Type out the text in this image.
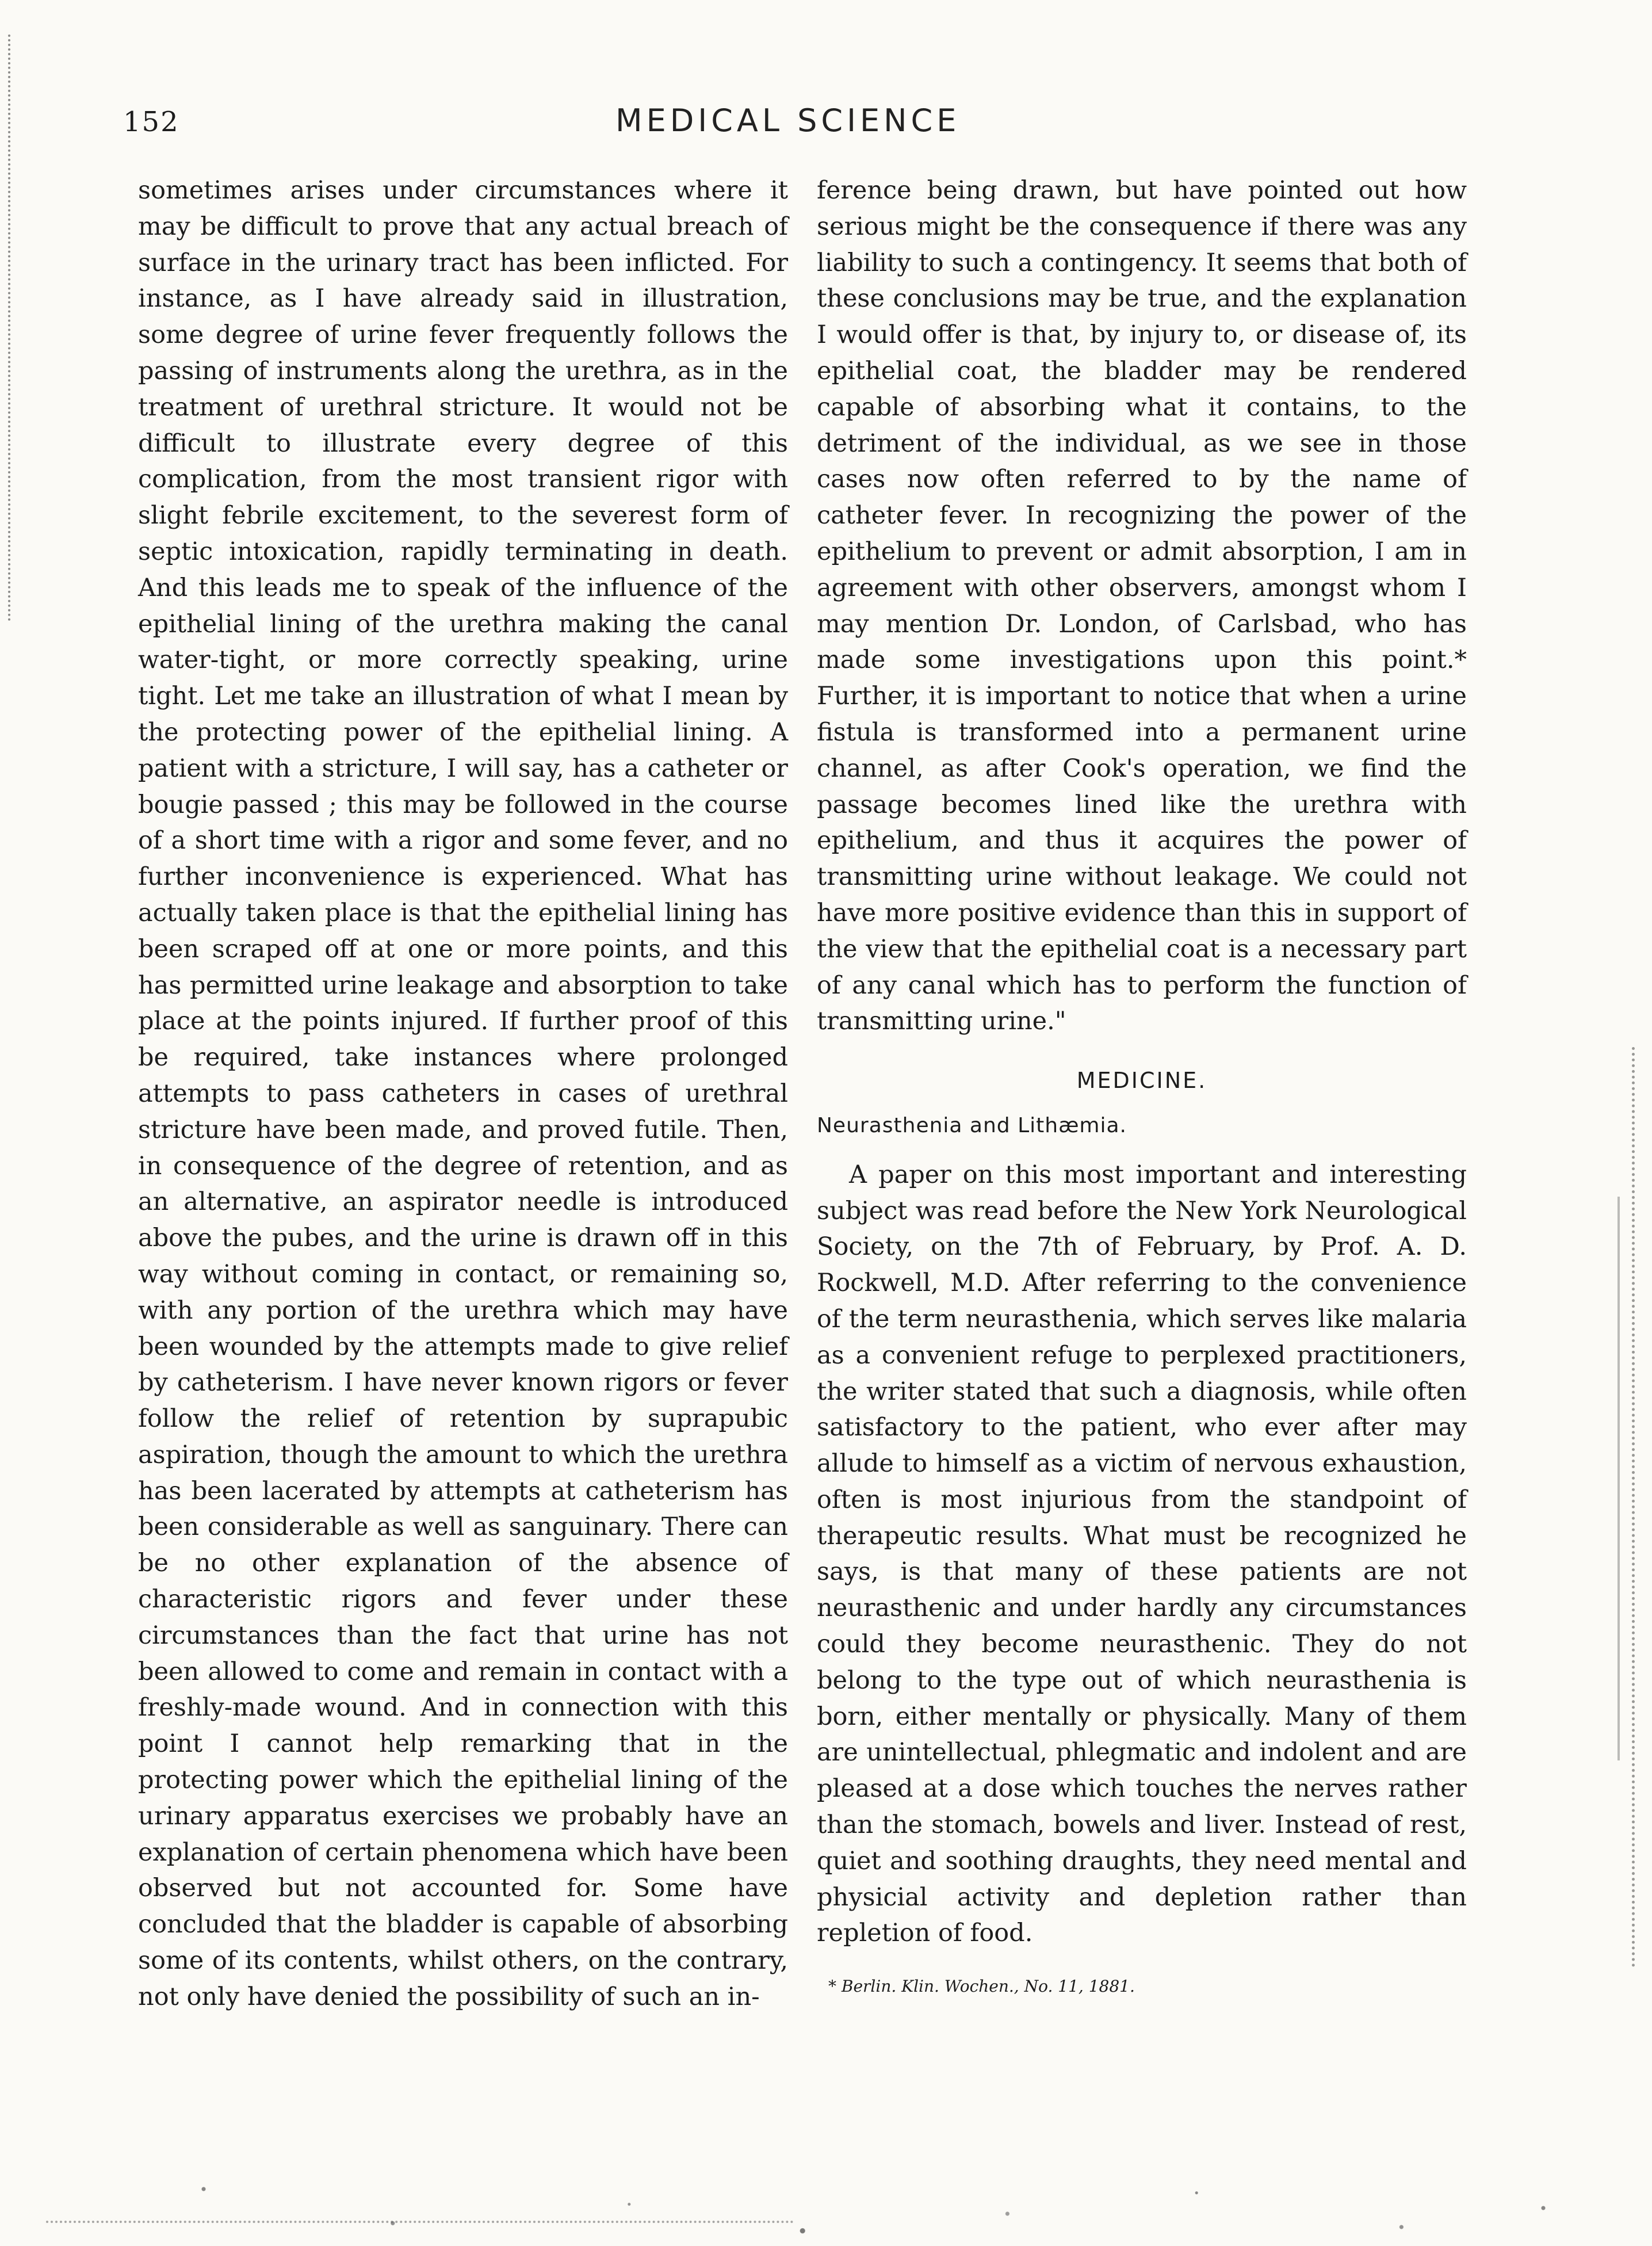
152	MEDICAL SCIENCE

sometimes arises under circumstances where it may be difficult to prove that any actual breach of surface in the urinary tract has been inflicted. For instance, as I have already said in illustration, some degree of urine fever frequently follows the passing of instruments along the urethra, as in the treatment of urethral stricture. It would not be difficult to illustrate every degree of this complication, from the most transient rigor with slight febrile excitement, to the severest form of septic intoxication, rapidly terminating in death. And this leads me to speak of the influence of the epithelial lining of the urethra making the canal water-tight, or more correctly speaking, urine tight. Let me take an illustration of what I mean by the protecting power of the epithelial lining. A patient with a stricture, I will say, has a catheter or bougie passed ; this may be followed in the course of a short time with a rigor and some fever, and no further inconvenience is experienced. What has actually taken place is that the epithelial lining has been scraped off at one or more points, and this has permitted urine leakage and absorption to take place at the points injured. If further proof of this be required, take instances where prolonged attempts to pass catheters in cases of urethral stricture have been made, and proved futile. Then, in consequence of the degree of retention, and as an alternative, an aspirator needle is introduced above the pubes, and the urine is drawn off in this way without coming in contact, or remaining so, with any portion of the urethra which may have been wounded by the attempts made to give relief by catheterism. I have never known rigors or fever follow the relief of retention by suprapubic aspiration, though the amount to which the urethra has been lacerated by attempts at catheterism has been considerable as well as sanguinary. There can be no other explanation of the absence of characteristic rigors and fever under these circumstances than the fact that urine has not been allowed to come and remain in contact with a freshly-made wound. And in connection with this point I cannot help remarking that in the protecting power which the epithelial lining of the urinary apparatus exercises we probably have an explanation of certain phenomena which have been observed but not accounted for. Some have concluded that the bladder is capable of absorbing some of its contents, whilst others, on the contrary, not only have denied the possibility of such an in-

ference being drawn, but have pointed out how serious might be the consequence if there was any liability to such a contingency. It seems that both of these conclusions may be true, and the explanation I would offer is that, by injury to, or disease of, its epithelial coat, the bladder may be rendered capable of absorbing what it contains, to the detriment of the individual, as we see in those cases now often referred to by the name of catheter fever. In recognizing the power of the epithelium to prevent or admit absorption, I am in agreement with other observers, amongst whom I may mention Dr. London, of Carlsbad, who has made some investigations upon this point.* Further, it is important to notice that when a urine fistula is transformed into a permanent urine channel, as after Cook's operation, we find the passage becomes lined like the urethra with epithelium, and thus it acquires the power of transmitting urine without leakage. We could not have more positive evidence than this in support of the view that the epithelial coat is a necessary part of any canal which has to perform the function of transmitting urine."

MEDICINE.
Neurasthenia and Lithæmia.

A paper on this most important and interesting subject was read before the New York Neurological Society, on the 7th of February, by Prof. A. D. Rockwell, M.D. After referring to the convenience of the term neurasthenia, which serves like malaria as a convenient refuge to perplexed practitioners, the writer stated that such a diagnosis, while often satisfactory to the patient, who ever after may allude to himself as a victim of nervous exhaustion, often is most injurious from the standpoint of therapeutic results. What must be recognized he says, is that many of these patients are not neurasthenic and under hardly any circumstances could they become neurasthenic. They do not belong to the type out of which neurasthenia is born, either mentally or physically. Many of them are unintellectual, phlegmatic and indolent and are pleased at a dose which touches the nerves rather than the stomach, bowels and liver. Instead of rest, quiet and soothing draughts, they need mental and physicial activity and depletion rather than repletion of food.

* Berlin. Klin. Wochen., No. 11, 1881.
